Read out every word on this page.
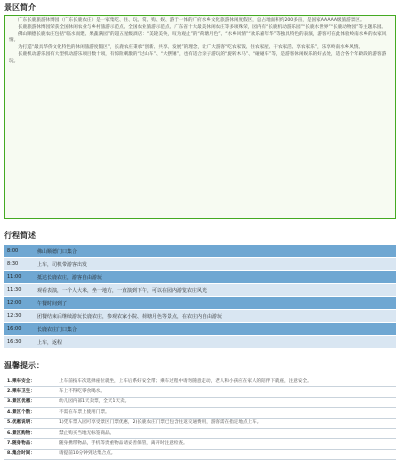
景区简介

广东长鹿旅游休博园（广东长鹿农庄）是一家集吃、住、玩、赏、购、娱、游于一体的广府水乡文化旅游休闲度假区，总占地面积约200多亩，是国家AAAAA级旅游景区。

长鹿旅游休博园荣获全国休闲农业与乡村旅游示范点、全国农业旅游示范点、广东省十大最美休闲农庄等多项殊荣，园内有“长鹿机动游乐园”“长鹿水世界”“长鹿动物园”等主题乐园。

佛山顺德长鹿农庄包括“临水而建、果蔬满园”的超五星级酒店：“美轮美奂，叹为观止”的“荷塘月色”、“水乡风情”“欢乐嘉年华”等独具特色的表演，游客可在此体验岭南水乡的农家风情。

为打造“最具华侨文化特色的休闲旅游度假区”，长鹿农庄秉承“创新、共享、发展”的理念，让广大游客“吃农家饭、住农家屋、干农家活、享农家乐”，乐享岭南水乡风情。

长鹿机动游乐园有大型机动游乐项目数十项，有惊险刺激的“过山车”、“大摆锤”，也有适合亲子游玩的“旋转木马”、“碰碰车”等，是游客休闲娱乐的好去处，适合各个年龄段的游客游玩。

行程简述
8:00	佛山顺德门口集合
8:30	上车，司机带游客出发
11:00	抵达长鹿农庄，游客自由游玩
11:30	观看表演，一个人大米，坐一地方，一直演到下午，可以在园内游览农庄风光
12:00	午餐时间到了
12:30	团餐结束后继续游玩长鹿农庄，参观农家小院、荷塘月色等景点，在农庄内自由游玩
16:00	长鹿农庄门口集合
16:30	上车，返程
温馨提示：
1.乘车安全：	上车前按车次选择座位就坐，上车后系好安全带；乘车过程中请勿随意走动，老人和小孩应在家人的陪伴下就座，注意安全。
2.乘车卫生：	车上不得吃零食喝水。
3.景区优惠：	幼儿园内部1天卖票，全天1天卖。
4.景区个数：	不需在车票上使用门票。
5.优惠说明：	1)凭车票入园可享受景区门票优惠，2)长鹿农庄门票已包含往返交通费用，游客需在指定地点上车。
6.景区购物：	禁止购买当地无标签商品。
7.随身物品：	随身携带物品，手机等贵重物品请妥善保管，离开时注意检查。
8.集合时间：	请提前10分钟到达集合点。
